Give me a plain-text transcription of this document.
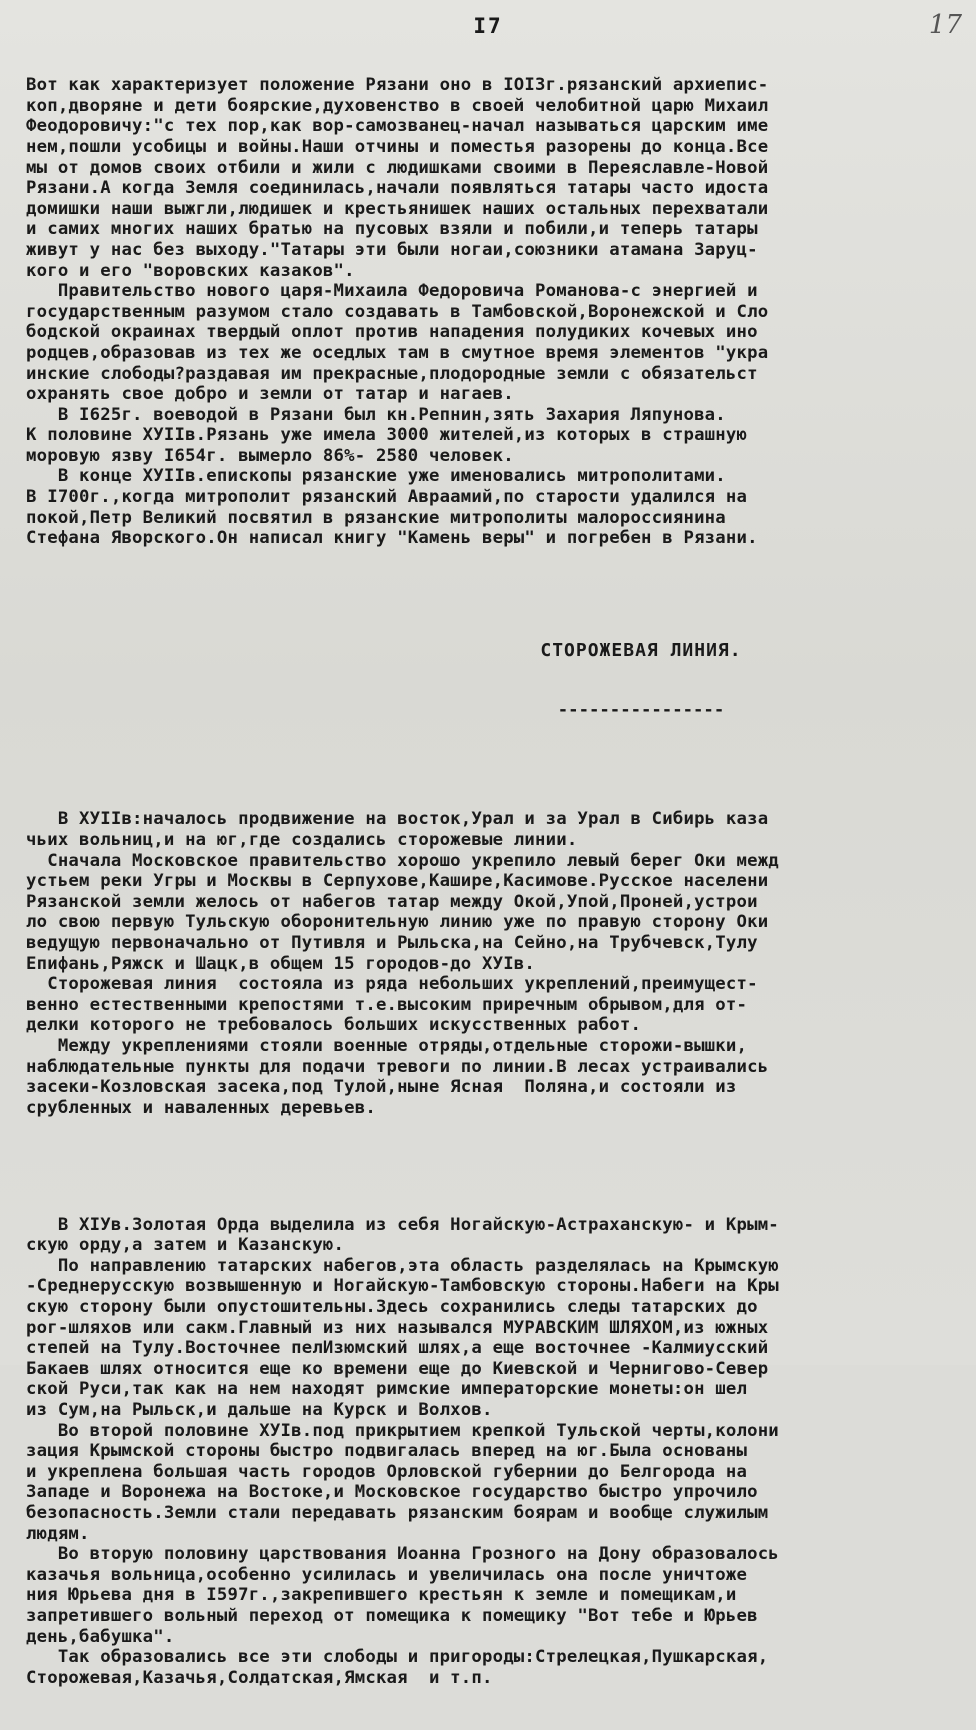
I7	17

Вот как характеризует положение Рязани оно в IOI3г.рязанский архиепис-
коп,дворяне и дети боярские,духовенство в своей челобитной царю Михаил
Феодоровичу:"с тех пор,как вор-самозванец-начал называться царским име
нем,пошли усобицы и войны.Наши отчины и поместья разорены до конца.Все
мы от домов своих отбили и жили с людишками своими в Переяславле-Новой
Рязани.А когда Земля соединилась,начали появляться татары часто идоста
домишки наши выжгли,людишек и крестьянишек наших остальных перехватали
и самих многих наших братью на пусовых взяли и побили,и теперь татары
живут у нас без выходу."Татары эти были ногаи,союзники атамана Заруц-
кого и его "воровских казаков".
Правительство нового царя-Михаила Федоровича Романова-с энергией и
государственным разумом стало создавать в Тамбовской,Воронежской и Сло
бодской окраинах твердый оплот против нападения полудиких кочевых ино
родцев,образовав из тех же оседлых там в смутное время элементов "укра
инские слободы?раздавая им прекрасные,плодородные земли с обязательст
охранять свое добро и земли от татар и нагаев.
В I625г. воеводой в Рязани был кн.Репнин,зять Захария Ляпунова.
К половине ХУIIв.Рязань уже имела 3000 жителей,из которых в страшную
моровую язву I654г. вымерло 86%- 2580 человек.
В конце ХУIIв.епископы рязанские уже именовались митрополитами.
В I700г.,когда митрополит рязанский Авраамий,по старости удалился на
покой,Петр Великий посвятил в рязанские митрополиты малороссиянина
Стефана Яворского.Он написал книгу "Камень веры" и погребен в Рязани.

СТОРОЖЕВАЯ ЛИНИЯ.

----------------

В ХУIIв:началось продвижение на восток,Урал и за Урал в Сибирь каза
чьих вольниц,и на юг,где создались сторожевые линии.
Сначала Московское правительство хорошо укрепило левый берег Оки межд
устьем реки Угры и Москвы в Серпухове,Кашире,Касимове.Русское населени
Рязанской земли желось от набегов татар между Окой,Упой,Проней,устрои
ло свою первую Тульскую оборонительную линию уже по правую сторону Оки
ведущую первоначально от Путивля и Рыльска,на Сейно,на Трубчевск,Тулу
Епифань,Ряжск и Шацк,в общем 15 городов-до ХУIв.
Сторожевая линия  состояла из ряда небольших укреплений,преимущест-
венно естественными крепостями т.е.высоким приречным обрывом,для от-
делки которого не требовалось больших искусственных работ.
Между укреплениями стояли военные отряды,отдельные сторожи-вышки,
наблюдательные пункты для подачи тревоги по линии.В лесах устраивались
засеки-Козловская засека,под Тулой,ныне Ясная  Поляна,и состояли из
срубленных и наваленных деревьев.

В ХIУв.Золотая Орда выделила из себя Ногайскую-Астраханскую- и Крым-
скую орду,а затем и Казанскую.
По направлению татарских набегов,эта область разделялась на Крымскую
-Среднерусскую возвышенную и Ногайскую-Тамбовскую стороны.Набеги на Кры
скую сторону были опустошительны.Здесь сохранились следы татарских до
рог-шляхов или сакм.Главный из них назывался МУРАВСКИМ ШЛЯХОМ,из южных
степей на Тулу.Восточнее пелИзюмский шлях,а еще восточнее -Калмиусский
Бакаев шлях относится еще ко времени еще до Киевской и Чернигово-Север
ской Руси,так как на нем находят римские императорские монеты:он шел
из Сум,на Рыльск,и дальше на Курск и Волхов.
Во второй половине ХУIв.под прикрытием крепкой Тульской черты,колони
зация Крымской стороны быстро подвигалась вперед на юг.Была основаны
и укреплена большая часть городов Орловской губернии до Белгорода на
Западе и Воронежа на Востоке,и Московское государство быстро упрочило
безопасность.Земли стали передавать рязанским боярам и вообще служилым
людям.
Во вторую половину царствования Иоанна Грозного на Дону образовалось
казачья вольница,особенно усилилась и увеличилась она после уничтоже
ния Юрьева дня в I597г.,закрепившего крестьян к земле и помещикам,и
запретившего вольный переход от помещика к помещику "Вот тебе и Юрьев
день,бабушка".
Так образовались все эти слободы и пригороды:Стрелецкая,Пушкарская,
Сторожевая,Казачья,Солдатская,Ямская  и т.п.
